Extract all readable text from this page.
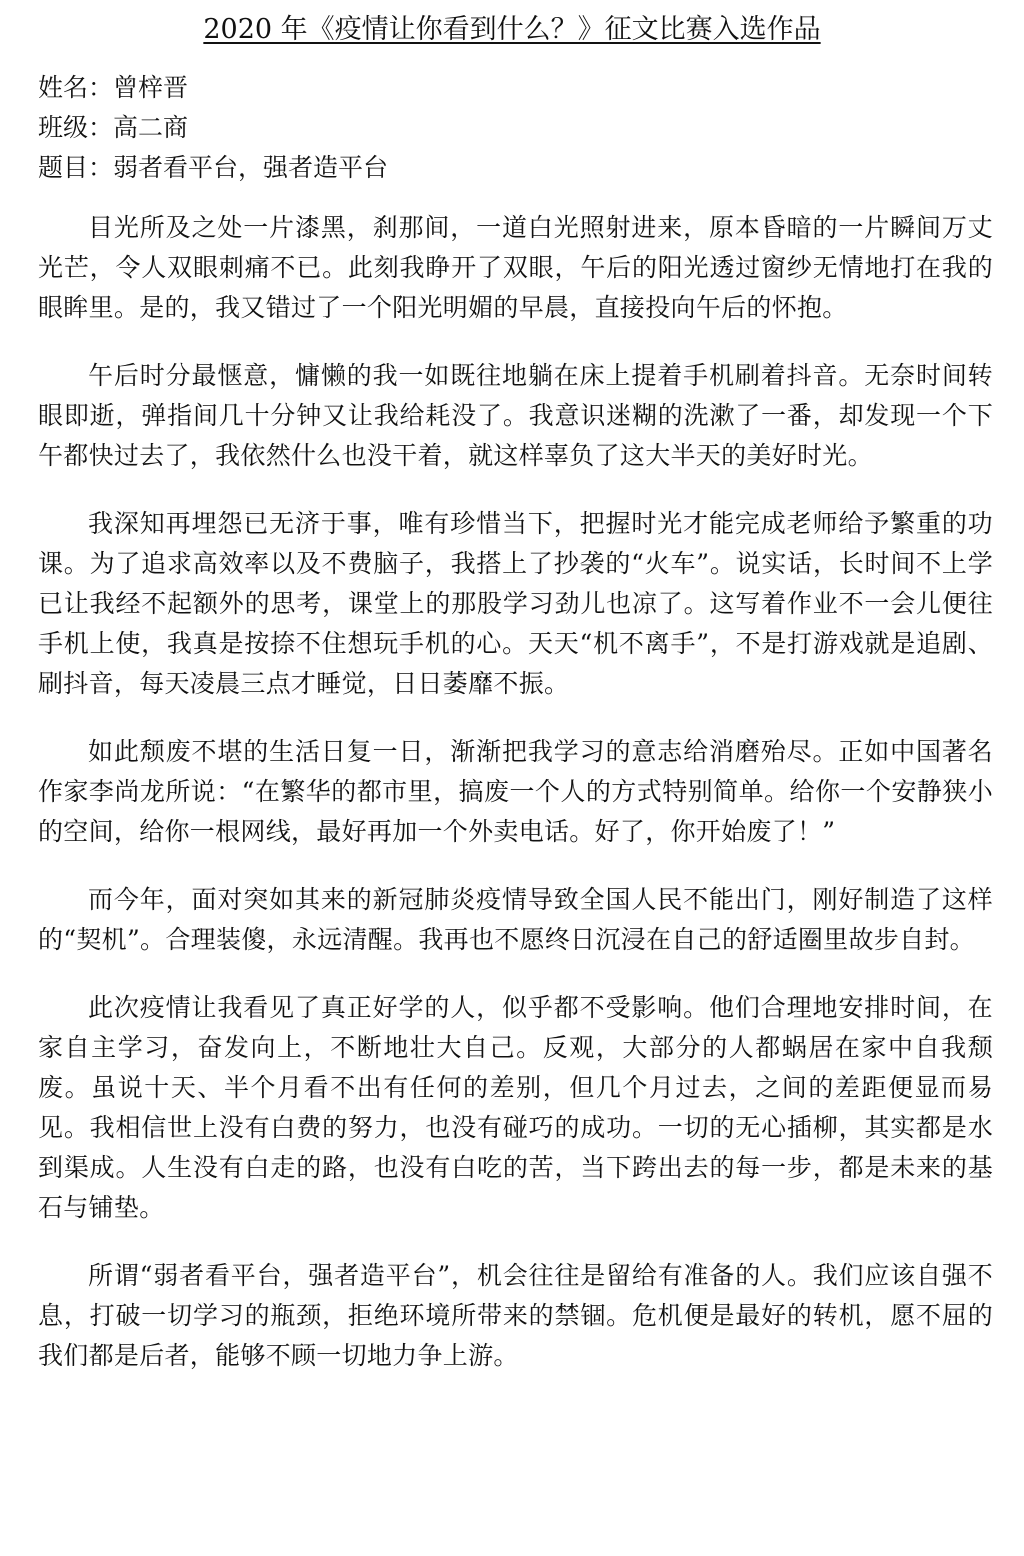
2020 年《疫情让你看到什么？》征文比赛入选作品
姓名：曾梓晋
班级：高二商
题目：弱者看平台，强者造平台

目光所及之处一片漆黑，刹那间，一道白光照射进来，原本昏暗的一片瞬间万丈光芒，令人双眼刺痛不已。此刻我睁开了双眼，午后的阳光透过窗纱无情地打在我的眼眸里。是的，我又错过了一个阳光明媚的早晨，直接投向午后的怀抱。

午后时分最惬意，慵懒的我一如既往地躺在床上提着手机刷着抖音。无奈时间转眼即逝，弹指间几十分钟又让我给耗没了。我意识迷糊的洗漱了一番，却发现一个下午都快过去了，我依然什么也没干着，就这样辜负了这大半天的美好时光。

我深知再埋怨已无济于事，唯有珍惜当下，把握时光才能完成老师给予繁重的功课。为了追求高效率以及不费脑子，我搭上了抄袭的“火车”。说实话，长时间不上学已让我经不起额外的思考，课堂上的那股学习劲儿也凉了。这写着作业不一会儿便往手机上使，我真是按捺不住想玩手机的心。天天“机不离手”，不是打游戏就是追剧、刷抖音，每天凌晨三点才睡觉，日日萎靡不振。

如此颓废不堪的生活日复一日，渐渐把我学习的意志给消磨殆尽。正如中国著名作家李尚龙所说：“在繁华的都市里，搞废一个人的方式特别简单。给你一个安静狭小的空间，给你一根网线，最好再加一个外卖电话。好了，你开始废了！”

而今年，面对突如其来的新冠肺炎疫情导致全国人民不能出门，刚好制造了这样的“契机”。合理装傻，永远清醒。我再也不愿终日沉浸在自己的舒适圈里故步自封。

此次疫情让我看见了真正好学的人，似乎都不受影响。他们合理地安排时间，在家自主学习，奋发向上，不断地壮大自己。反观，大部分的人都蜗居在家中自我颓废。虽说十天、半个月看不出有任何的差别，但几个月过去，之间的差距便显而易见。我相信世上没有白费的努力，也没有碰巧的成功。一切的无心插柳，其实都是水到渠成。人生没有白走的路，也没有白吃的苦，当下跨出去的每一步，都是未来的基石与铺垫。

所谓“弱者看平台，强者造平台”，机会往往是留给有准备的人。我们应该自强不息，打破一切学习的瓶颈，拒绝环境所带来的禁锢。危机便是最好的转机，愿不屈的我们都是后者，能够不顾一切地力争上游。
